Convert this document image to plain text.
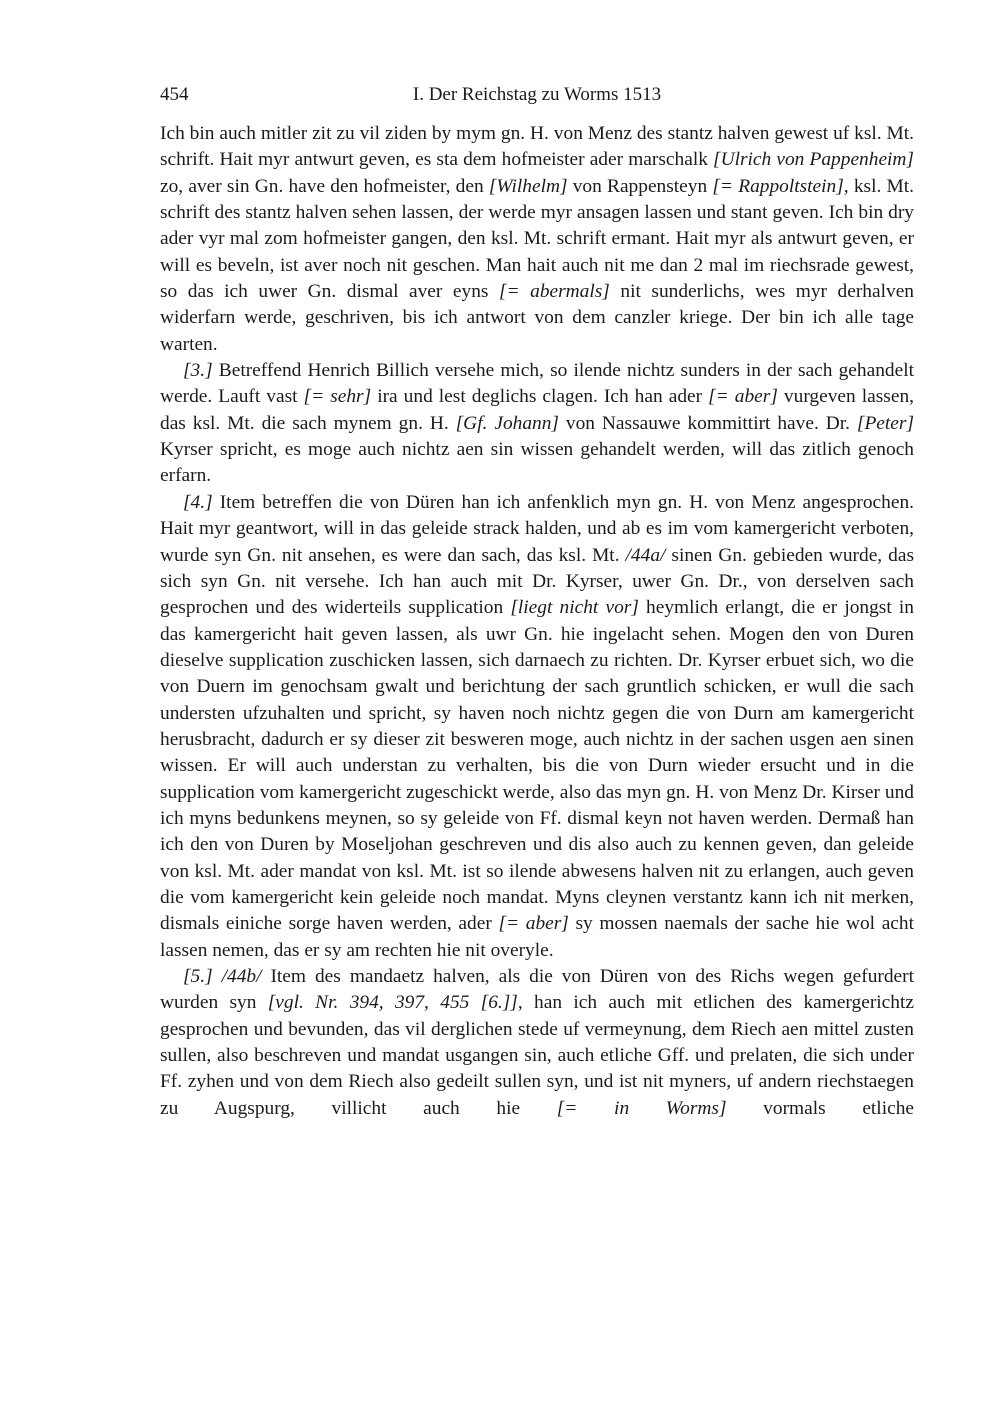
454	I. Der Reichstag zu Worms 1513

Ich bin auch mitler zit zu vil ziden by mym gn. H. von Menz des stantz halven gewest uf ksl. Mt. schrift. Hait myr antwurt geven, es sta dem hofmeister ader marschalk [Ulrich von Pappenheim] zo, aver sin Gn. have den hofmeister, den [Wilhelm] von Rappensteyn [= Rappoltstein], ksl. Mt. schrift des stantz halven sehen lassen, der werde myr ansagen lassen und stant geven. Ich bin dry ader vyr mal zom hofmeister gangen, den ksl. Mt. schrift ermant. Hait myr als antwurt geven, er will es beveln, ist aver noch nit geschen. Man hait auch nit me dan 2 mal im riechsrade gewest, so das ich uwer Gn. dismal aver eyns [= abermals] nit sunderlichs, wes myr derhalven widerfarn werde, geschriven, bis ich antwort von dem canzler kriege. Der bin ich alle tage warten.

[3.] Betreffend Henrich Billich versehe mich, so ilende nichtz sunders in der sach gehandelt werde. Lauft vast [= sehr] ira und lest deglichs clagen. Ich han ader [= aber] vurgeven lassen, das ksl. Mt. die sach mynem gn. H. [Gf. Johann] von Nassauwe kommittirt have. Dr. [Peter] Kyrser spricht, es moge auch nichtz aen sin wissen gehandelt werden, will das zitlich genoch erfarn.

[4.] Item betreffen die von Düren han ich anfenklich myn gn. H. von Menz angesprochen. Hait myr geantwort, will in das geleide strack halden, und ab es im vom kamergericht verboten, wurde syn Gn. nit ansehen, es were dan sach, das ksl. Mt. /44a/ sinen Gn. gebieden wurde, das sich syn Gn. nit versehe. Ich han auch mit Dr. Kyrser, uwer Gn. Dr., von derselven sach gesprochen und des widerteils supplication [liegt nicht vor] heymlich erlangt, die er jongst in das kamergericht hait geven lassen, als uwr Gn. hie ingelacht sehen. Mogen den von Duren dieselve supplication zuschicken lassen, sich darnaech zu richten. Dr. Kyrser erbuet sich, wo die von Duern im genochsam gwalt und berichtung der sach gruntlich schicken, er wull die sach understen ufzuhalten und spricht, sy haven noch nichtz gegen die von Durn am kamergericht herusbracht, dadurch er sy dieser zit besweren moge, auch nichtz in der sachen usgen aen sinen wissen. Er will auch understan zu verhalten, bis die von Durn wieder ersucht und in die supplication vom kamergericht zugeschickt werde, also das myn gn. H. von Menz Dr. Kirser und ich myns bedunkens meynen, so sy geleide von Ff. dismal keyn not haven werden. Dermaß han ich den von Duren by Moseljohan geschreven und dis also auch zu kennen geven, dan geleide von ksl. Mt. ader mandat von ksl. Mt. ist so ilende abwesens halven nit zu erlangen, auch geven die vom kamergericht kein geleide noch mandat. Myns cleynen verstantz kann ich nit merken, dismals einiche sorge haven werden, ader [= aber] sy mossen naemals der sache hie wol acht lassen nemen, das er sy am rechten hie nit overyle.

[5.] /44b/ Item des mandaetz halven, als die von Düren von des Richs wegen gefurdert wurden syn [vgl. Nr. 394, 397, 455 [6.]], han ich auch mit etlichen des kamergerichtz gesprochen und bevunden, das vil derglichen stede uf vermeynung, dem Riech aen mittel zusten sullen, also beschreven und mandat usgangen sin, auch etliche Gff. und prelaten, die sich under Ff. zyhen und von dem Riech also gedeilt sullen syn, und ist nit myners, uf andern riechstaegen zu Augspurg, villicht auch hie [= in Worms] vormals etliche
